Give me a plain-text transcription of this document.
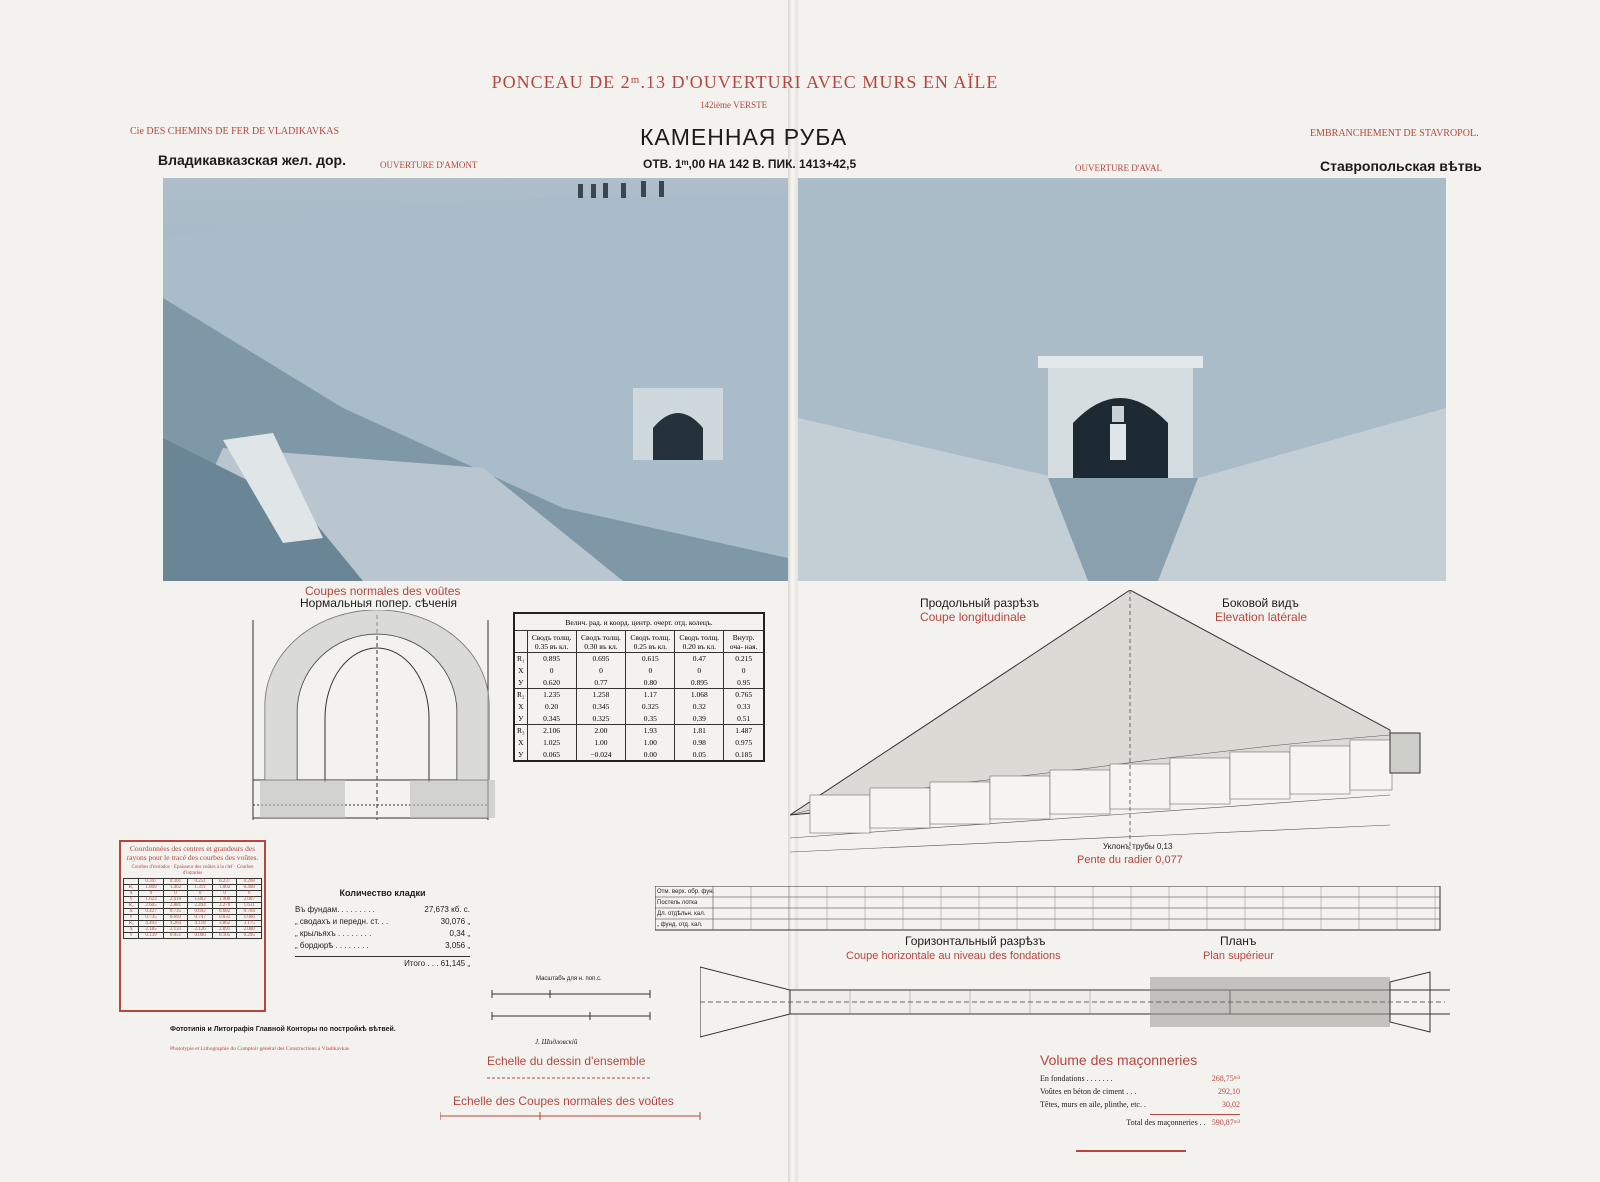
PONCEAU DE 2ᵐ.13 D'OUVERTURI AVEC MURS EN AÏLE
142ième VERSTE
Cie DES CHEMINS DE FER DE VLADIKAVKAS	EMBRANCHEMENT DE STAVROPOL.
КАМЕННАЯ РУБА
ОТВ. 1ᵐ,00 НА 142 В. ПИК. 1413+42,5
Владикавказская жел. дор.	Ставропольская вѣтвь
OUVERTURE D'AMONT	OUVERTURE D'AVAL
Coupes normales des voûtes
Нормальныя попер. сѣченія
Велич. рад. и коорд. центр. очерт. отд. колецъ.					
	Сводъ толщ. 0.35 въ кл.	Сводъ толщ. 0.30 въ кл.	Сводъ толщ. 0.25 въ кл.	Сводъ толщ. 0.20 въ кл.	Внутр. оча- ная.
R₁	0.895	0.695	0.615	0.47	0.215
X	0	0	0	0	0
У	0.620	0.77	0.80	0.895	0.95
R₂	1.235	1.258	1.17	1.068	0.765
X	0.20	0.345	0.325	0.32	0.33
У	0.345	0.325	0.35	0.39	0.51
R₃	2.106	2.00	1.93	1.81	1.487
X	1.025	1.00	1.00	0.98	0.975
У	0.065	−0.024	0.00	0.05	0.185
Coordonnées des centres et grandeurs des rayons pour le tracé des courbes des voûtes.
Courbes d'extrados · Epaisseur des voûtes à la clef · Courbes d'intrados
	0.347	0.301	0.251	0.237	0.208
R₁	1.809	1.462	1.311	1.002	0.408
X	0	0	0	0	0
Y	1.623	2.610	1.802	1.900	2.007
R₂	2.605	2.881	2.494	2.270	1.631
X	0.427	0.735	0.692	0.682	0.704
Y	0.735	0.693	0.747	0.832	1.066
R₃	4.493	4.264	4.118	3.862	3.175
X	2.185	2.133	2.126	2.091	2.080
Y	0.139	0.051	0.000	0.105	0.295
Количество кладки
Въ фундам. . . . . . . . .	27,673 кб. с.
„ сводахъ и передн. ст. . .	30,076 „
„ крыльяхъ . . . . . . . .	0,34 „
„ бордюрѣ . . . . . . . .	3,056 „
Итого . . . 61,145 „
Фототипія и Литографія Главной Конторы по постройкѣ вѣтвей.
Phototypie et Lithographie du Comptoir général des Constructions à Vladikavkas
Масштабъ для н. поп.с.
J. Шидловскій
Echelle du dessin d'ensemble
Echelle des Coupes normales des voûtes
Продольный разрѣзъ
Coupe longitudinale
Боковой видъ
Elevation latérale
Уклонъ трубы 0,13
Pente du radier 0,077
Отм. верх. обр. фун.
Постель лотка
Дл. отдѣльн. кал.
„ фунд. отд. кал.
Горизонтальный разрѣзъ
Coupe horizontale au niveau des fondations
Планъ
Plan supérieur
Volume des maçonneries
En fondations . . . . . . .	268,75ᵐ³
Voûtes en béton de ciment . . .	292,10
Têtes, murs en aile, plinthe, etc. .	30,02
Total des maçonneries . . 590,87ᵐ³
